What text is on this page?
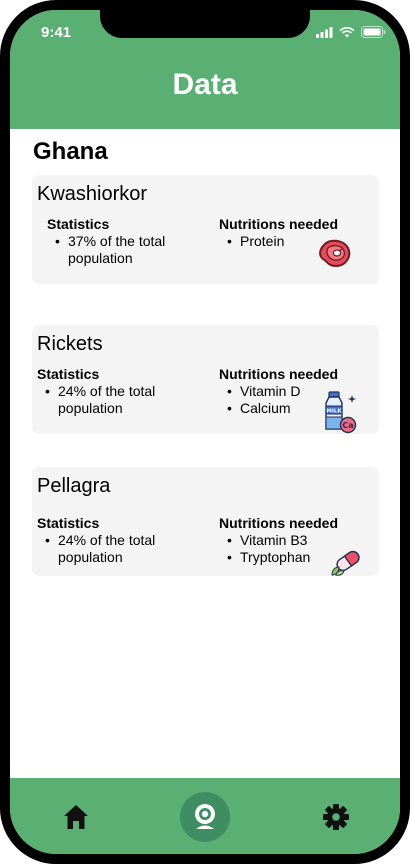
9:41
Data
Ghana
Kwashiorkor
Statistics
• 37% of the total population
Nutritions needed
• Protein
Rickets
Statistics
• 24% of the total population
Nutritions needed
• Vitamin D
• Calcium	MILK
Ca
Pellagra
Statistics
• 24% of the total population
Nutritions needed
• Vitamin B3
• Tryptophan
